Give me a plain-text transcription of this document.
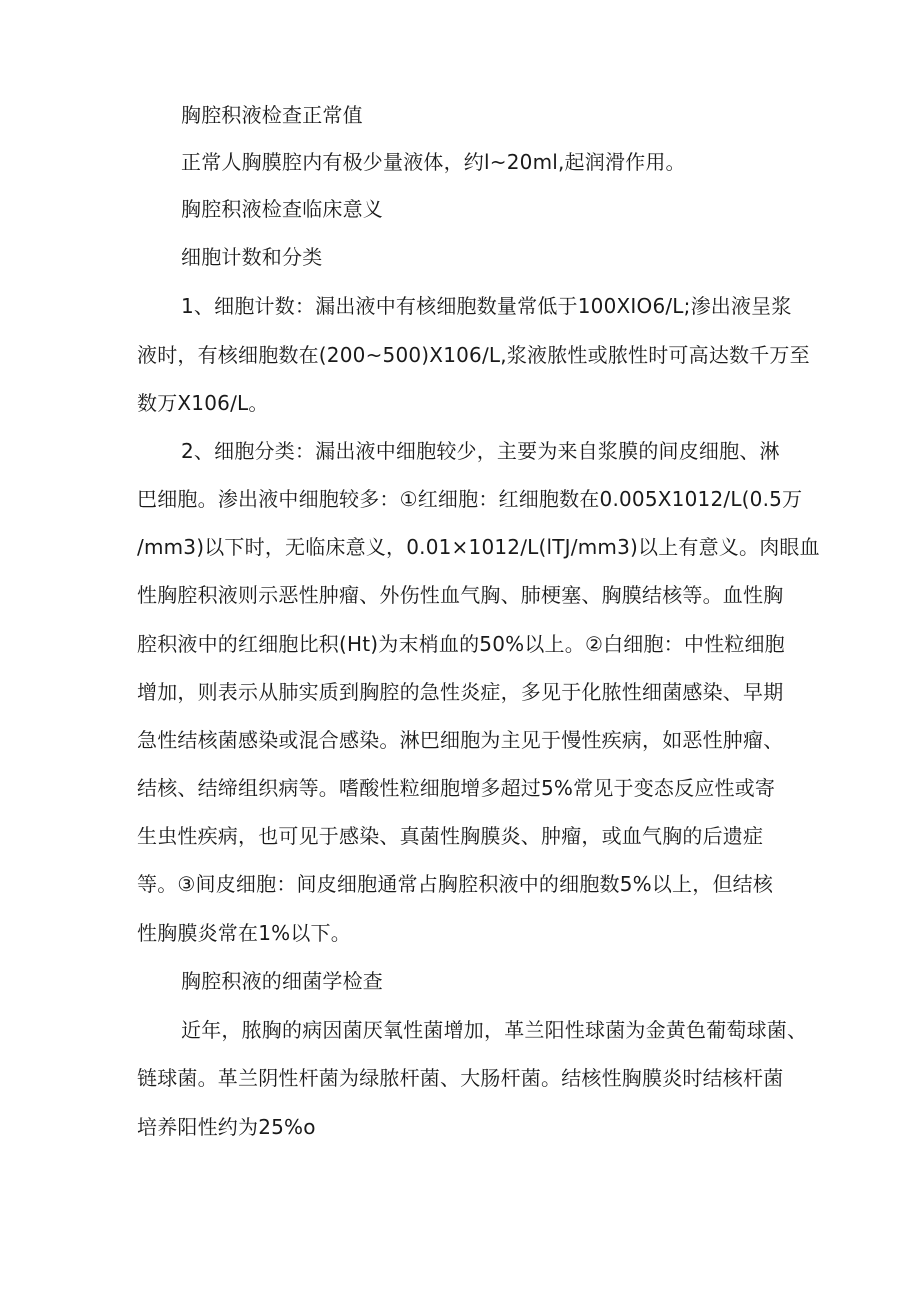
胸腔积液检查正常值
正常人胸膜腔内有极少量液体，约l~20ml,起润滑作用。
胸腔积液检查临床意义
细胞计数和分类
1、细胞计数：漏出液中有核细胞数量常低于100XIO6/L;渗出液呈浆
液时，有核细胞数在(200~500)X106∕L,浆液脓性或脓性时可高达数千万至
数万X106∕L。
2、细胞分类：漏出液中细胞较少，主要为来自浆膜的间皮细胞、淋
巴细胞。渗出液中细胞较多：①红细胞：红细胞数在0.005X1012/L(0.5万
/mm3)以下时，无临床意义，0.01×1012∕L(lTJ/mm3)以上有意义。肉眼血
性胸腔积液则示恶性肿瘤、外伤性血气胸、肺梗塞、胸膜结核等。血性胸
腔积液中的红细胞比积(Ht)为末梢血的50%以上。②白细胞：中性粒细胞
增加，则表示从肺实质到胸腔的急性炎症，多见于化脓性细菌感染、早期
急性结核菌感染或混合感染。淋巴细胞为主见于慢性疾病，如恶性肿瘤、
结核、结缔组织病等。嗜酸性粒细胞增多超过5%常见于变态反应性或寄
生虫性疾病，也可见于感染、真菌性胸膜炎、肿瘤，或血气胸的后遗症
等。③间皮细胞：间皮细胞通常占胸腔积液中的细胞数5%以上，但结核
性胸膜炎常在1%以下。
胸腔积液的细菌学检查
近年，脓胸的病因菌厌氧性菌增加，革兰阳性球菌为金黄色葡萄球菌、
链球菌。革兰阴性杆菌为绿脓杆菌、大肠杆菌。结核性胸膜炎时结核杆菌
培养阳性约为25%o
